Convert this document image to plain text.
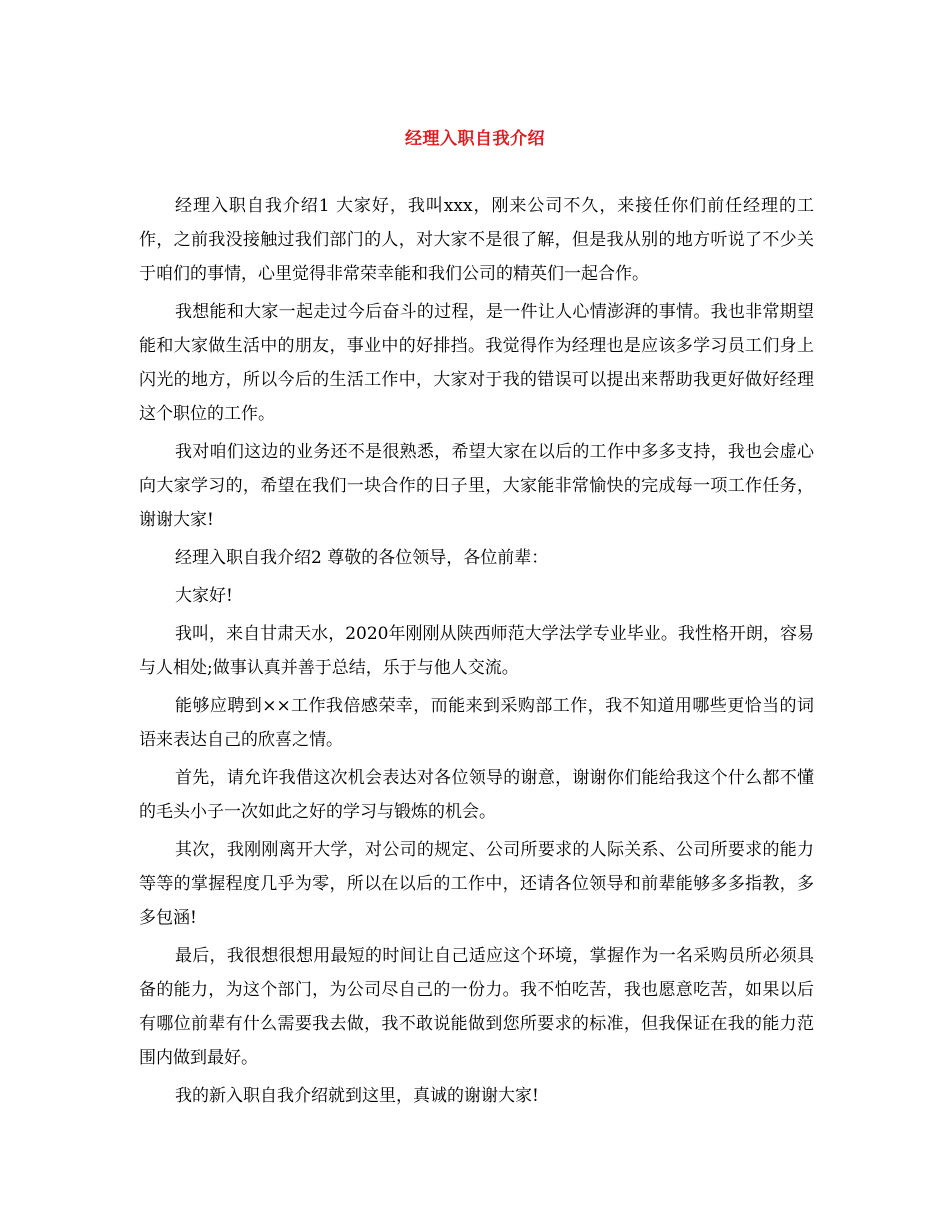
经理入职自我介绍

经理入职自我介绍1 大家好，我叫xxx，刚来公司不久，来接任你们前任经理的工作，之前我没接触过我们部门的人，对大家不是很了解，但是我从别的地方听说了不少关于咱们的事情，心里觉得非常荣幸能和我们公司的精英们一起合作。

我想能和大家一起走过今后奋斗的过程，是一件让人心情澎湃的事情。我也非常期望能和大家做生活中的朋友，事业中的好排挡。我觉得作为经理也是应该多学习员工们身上闪光的地方，所以今后的生活工作中，大家对于我的错误可以提出来帮助我更好做好经理这个职位的工作。

我对咱们这边的业务还不是很熟悉，希望大家在以后的工作中多多支持，我也会虚心向大家学习的，希望在我们一块合作的日子里，大家能非常愉快的完成每一项工作任务，谢谢大家!

经理入职自我介绍2 尊敬的各位领导，各位前辈：

大家好!

我叫，来自甘肃天水，2020年刚刚从陕西师范大学法学专业毕业。我性格开朗，容易与人相处;做事认真并善于总结，乐于与他人交流。

能够应聘到××工作我倍感荣幸，而能来到采购部工作，我不知道用哪些更恰当的词语来表达自己的欣喜之情。

首先，请允许我借这次机会表达对各位领导的谢意，谢谢你们能给我这个什么都不懂的毛头小子一次如此之好的学习与锻炼的机会。

其次，我刚刚离开大学，对公司的规定、公司所要求的人际关系、公司所要求的能力等等的掌握程度几乎为零，所以在以后的工作中，还请各位领导和前辈能够多多指教，多多包涵!

最后，我很想很想用最短的时间让自己适应这个环境，掌握作为一名采购员所必须具备的能力，为这个部门，为公司尽自己的一份力。我不怕吃苦，我也愿意吃苦，如果以后有哪位前辈有什么需要我去做，我不敢说能做到您所要求的标准，但我保证在我的能力范围内做到最好。

我的新入职自我介绍就到这里，真诚的谢谢大家!
